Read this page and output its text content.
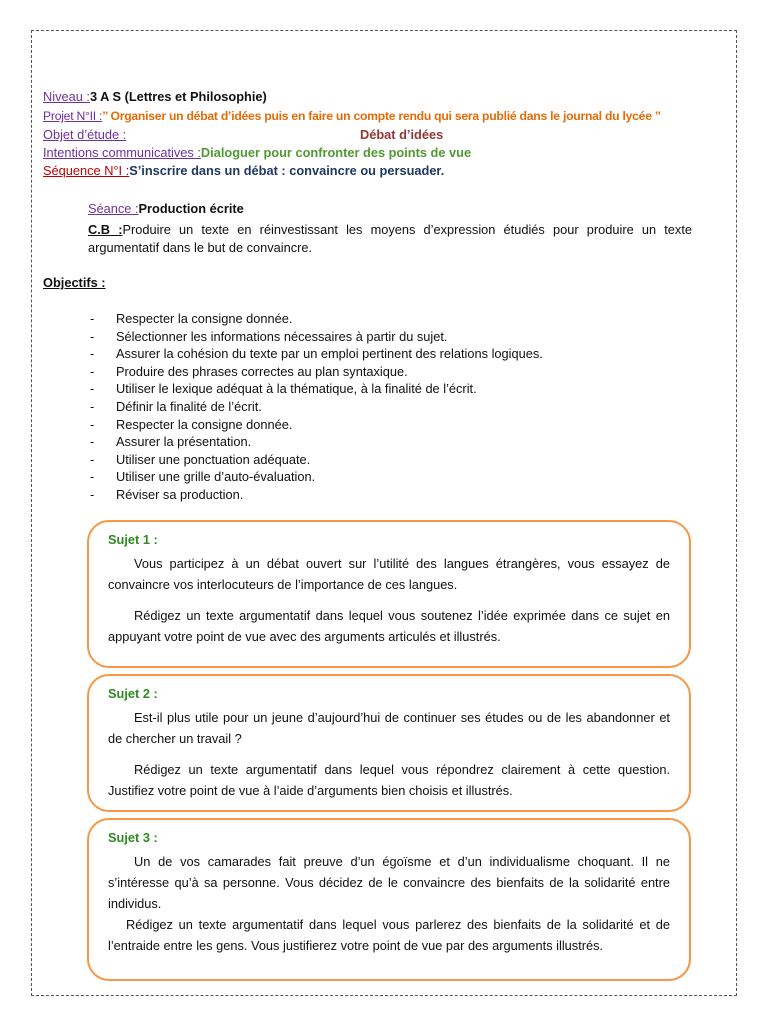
Niveau :3 A S (Lettres et Philosophie)
Projet N°II :’’ Organiser un débat d’idées puis en faire un compte rendu qui sera publié dans le journal du lycée ’’
Objet d’étude :	Débat d’idées
Intentions communicatives :Dialoguer pour confronter des points de vue
Séquence N°I :S’inscrire dans un débat : convaincre ou persuader.
Séance :Production écrite
C.B :Produire un texte en réinvestissant les moyens d’expression étudiés pour produire un texte argumentatif dans le but de convaincre.
Objectifs :
- Respecter la consigne donnée.
- Sélectionner les informations nécessaires à partir du sujet.
- Assurer la cohésion du texte par un emploi pertinent des relations logiques.
- Produire des phrases correctes au plan syntaxique.
- Utiliser le lexique adéquat à la thématique, à la finalité de l’écrit.
- Définir la finalité de l’écrit.
- Respecter la consigne donnée.
- Assurer la présentation.
- Utiliser une ponctuation adéquate.
- Utiliser une grille d’auto-évaluation.
- Réviser sa production.
Sujet 1 :

Vous participez à un débat ouvert sur l’utilité des langues étrangères, vous essayez de convaincre vos interlocuteurs de l’importance de ces langues.

Rédigez un texte argumentatif dans lequel vous soutenez l’idée exprimée dans ce sujet en appuyant votre point de vue avec des arguments articulés et illustrés.

Sujet 2 :

Est-il plus utile pour un jeune d’aujourd’hui de continuer ses études ou de les abandonner et de chercher un travail ?

Rédigez un texte argumentatif dans lequel vous répondrez clairement à cette question. Justifiez votre point de vue à l’aide d’arguments bien choisis et illustrés.

Sujet 3 :

Un de vos camarades fait preuve d’un égoïsme et d’un individualisme choquant. Il ne s’intéresse qu’à sa personne. Vous décidez de le convaincre des bienfaits de la solidarité entre individus.

Rédigez un texte argumentatif dans lequel vous parlerez des bienfaits de la solidarité et de l’entraide entre les gens. Vous justifierez votre point de vue par des arguments illustrés.
